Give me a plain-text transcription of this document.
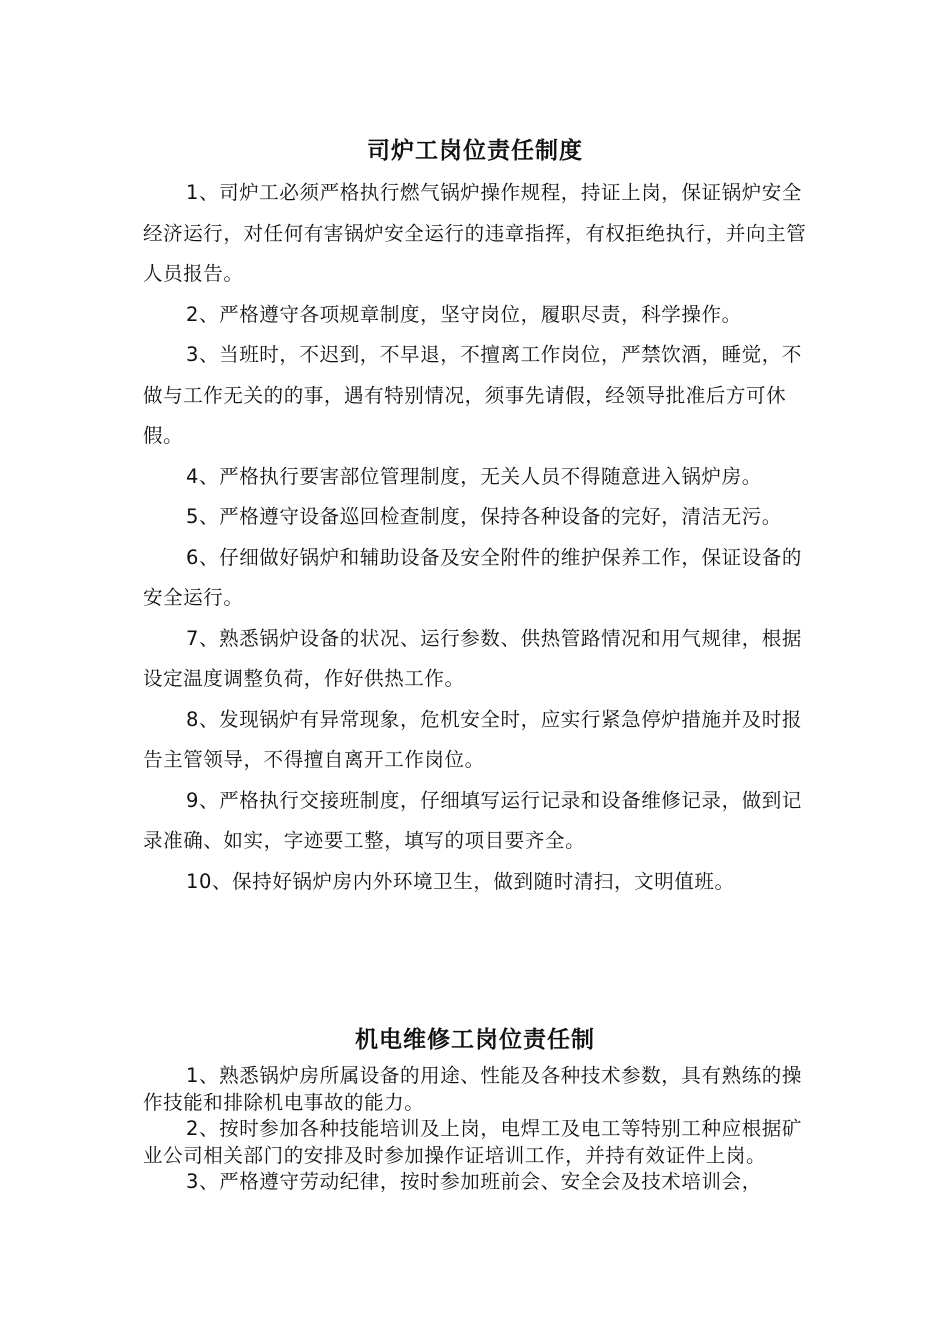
司炉工岗位责任制度

1、司炉工必须严格执行燃气锅炉操作规程，持证上岗，保证锅炉安全经济运行，对任何有害锅炉安全运行的违章指挥，有权拒绝执行，并向主管人员报告。

2、严格遵守各项规章制度，坚守岗位，履职尽责，科学操作。

3、当班时，不迟到，不早退，不擅离工作岗位，严禁饮酒，睡觉，不做与工作无关的的事，遇有特别情况，须事先请假，经领导批准后方可休假。

4、严格执行要害部位管理制度，无关人员不得随意进入锅炉房。

5、严格遵守设备巡回检查制度，保持各种设备的完好，清洁无污。

6、仔细做好锅炉和辅助设备及安全附件的维护保养工作，保证设备的安全运行。

7、熟悉锅炉设备的状况、运行参数、供热管路情况和用气规律，根据设定温度调整负荷，作好供热工作。

8、发现锅炉有异常现象，危机安全时，应实行紧急停炉措施并及时报告主管领导，不得擅自离开工作岗位。

9、严格执行交接班制度，仔细填写运行记录和设备维修记录，做到记录准确、如实，字迹要工整，填写的项目要齐全。

10、保持好锅炉房内外环境卫生，做到随时清扫，文明值班。

机电维修工岗位责任制

1、熟悉锅炉房所属设备的用途、性能及各种技术参数，具有熟练的操作技能和排除机电事故的能力。

2、按时参加各种技能培训及上岗，电焊工及电工等特别工种应根据矿业公司相关部门的安排及时参加操作证培训工作，并持有效证件上岗。

3、严格遵守劳动纪律，按时参加班前会、安全会及技术培训会，
